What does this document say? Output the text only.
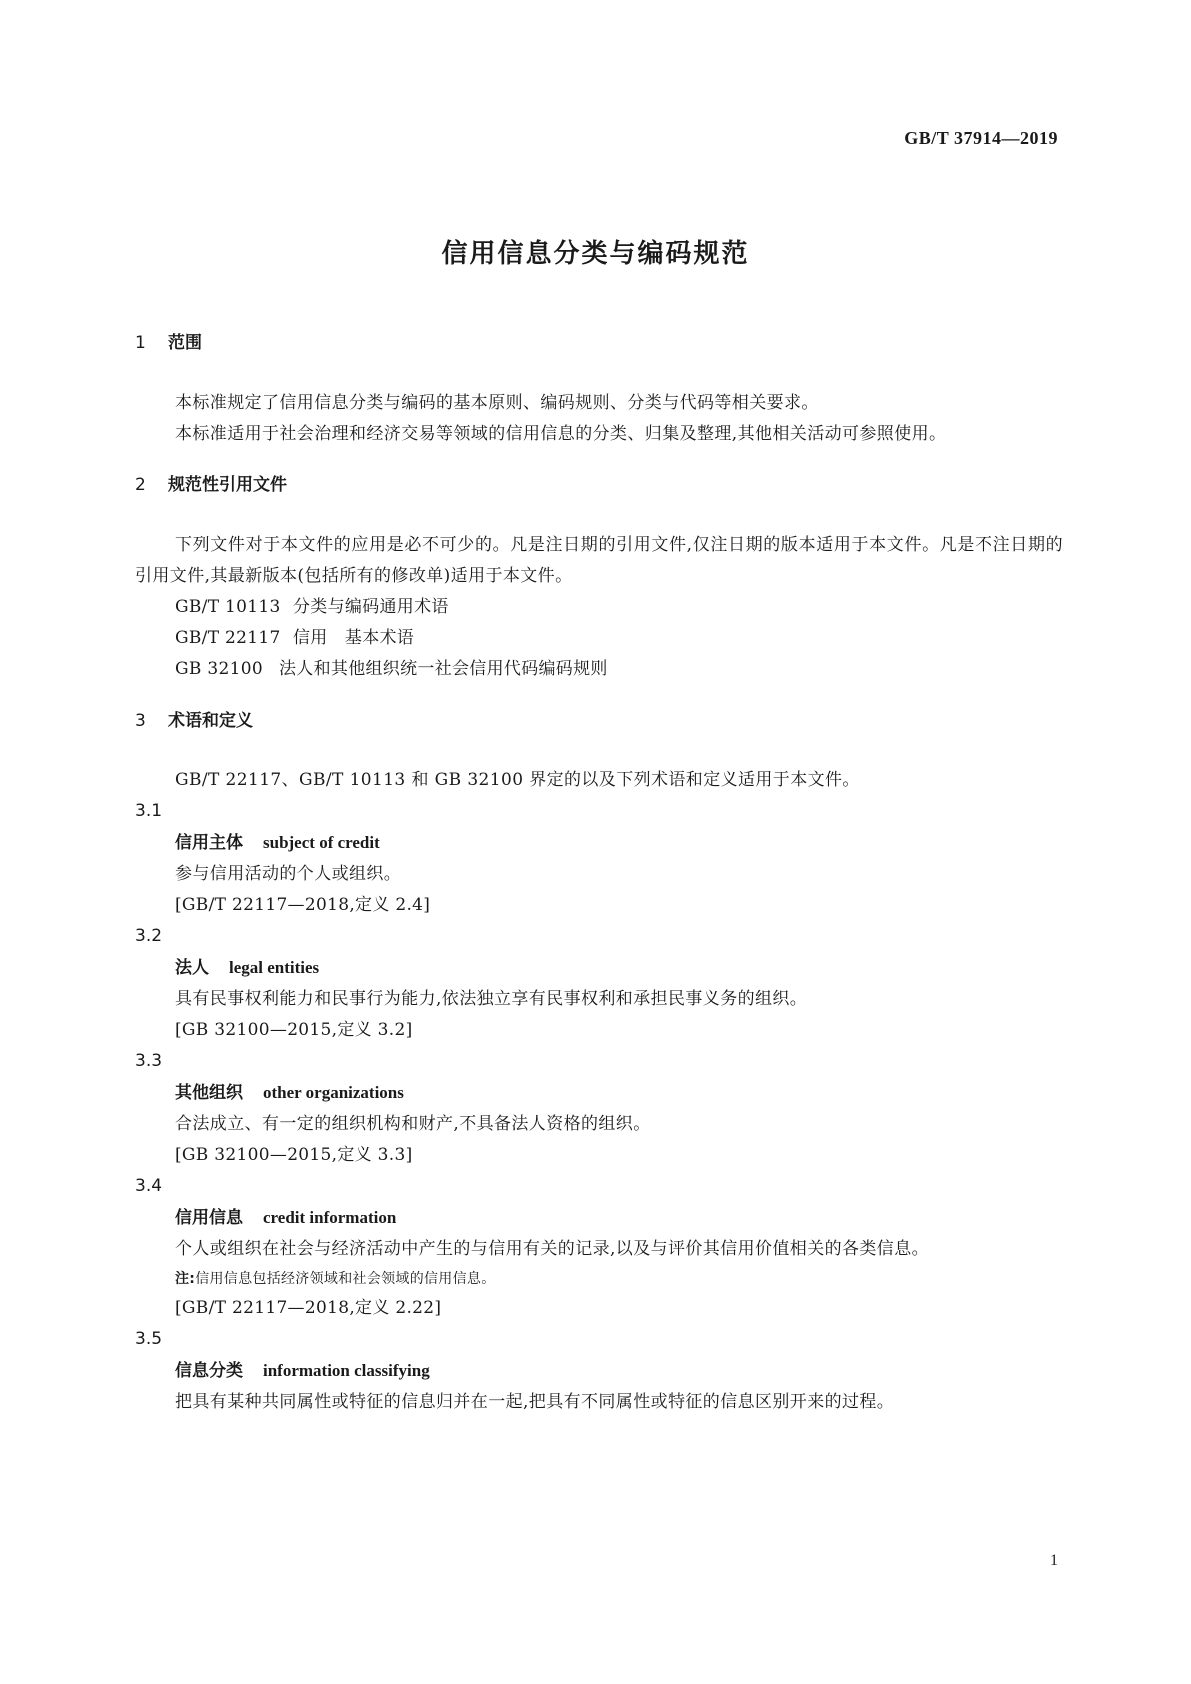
GB/T 37914—2019
信用信息分类与编码规范
1 范围
本标准规定了信用信息分类与编码的基本原则、编码规则、分类与代码等相关要求。
本标准适用于社会治理和经济交易等领域的信用信息的分类、归集及整理,其他相关活动可参照使用。
2 规范性引用文件
下列文件对于本文件的应用是必不可少的。凡是注日期的引用文件,仅注日期的版本适用于本文件。凡是不注日期的引用文件,其最新版本(包括所有的修改单)适用于本文件。
GB/T 10113 分类与编码通用术语
GB/T 22117 信用　基本术语
GB 32100 法人和其他组织统一社会信用代码编码规则
3 术语和定义
GB/T 22117、GB/T 10113 和 GB 32100 界定的以及下列术语和定义适用于本文件。
3.1
信用主体 subject of credit
参与信用活动的个人或组织。
[GB/T 22117—2018,定义 2.4]
3.2
法人 legal entities
具有民事权利能力和民事行为能力,依法独立享有民事权利和承担民事义务的组织。
[GB 32100—2015,定义 3.2]
3.3
其他组织 other organizations
合法成立、有一定的组织机构和财产,不具备法人资格的组织。
[GB 32100—2015,定义 3.3]
3.4
信用信息 credit information
个人或组织在社会与经济活动中产生的与信用有关的记录,以及与评价其信用价值相关的各类信息。
注:信用信息包括经济领域和社会领域的信用信息。
[GB/T 22117—2018,定义 2.22]
3.5
信息分类 information classifying
把具有某种共同属性或特征的信息归并在一起,把具有不同属性或特征的信息区别开来的过程。
1
